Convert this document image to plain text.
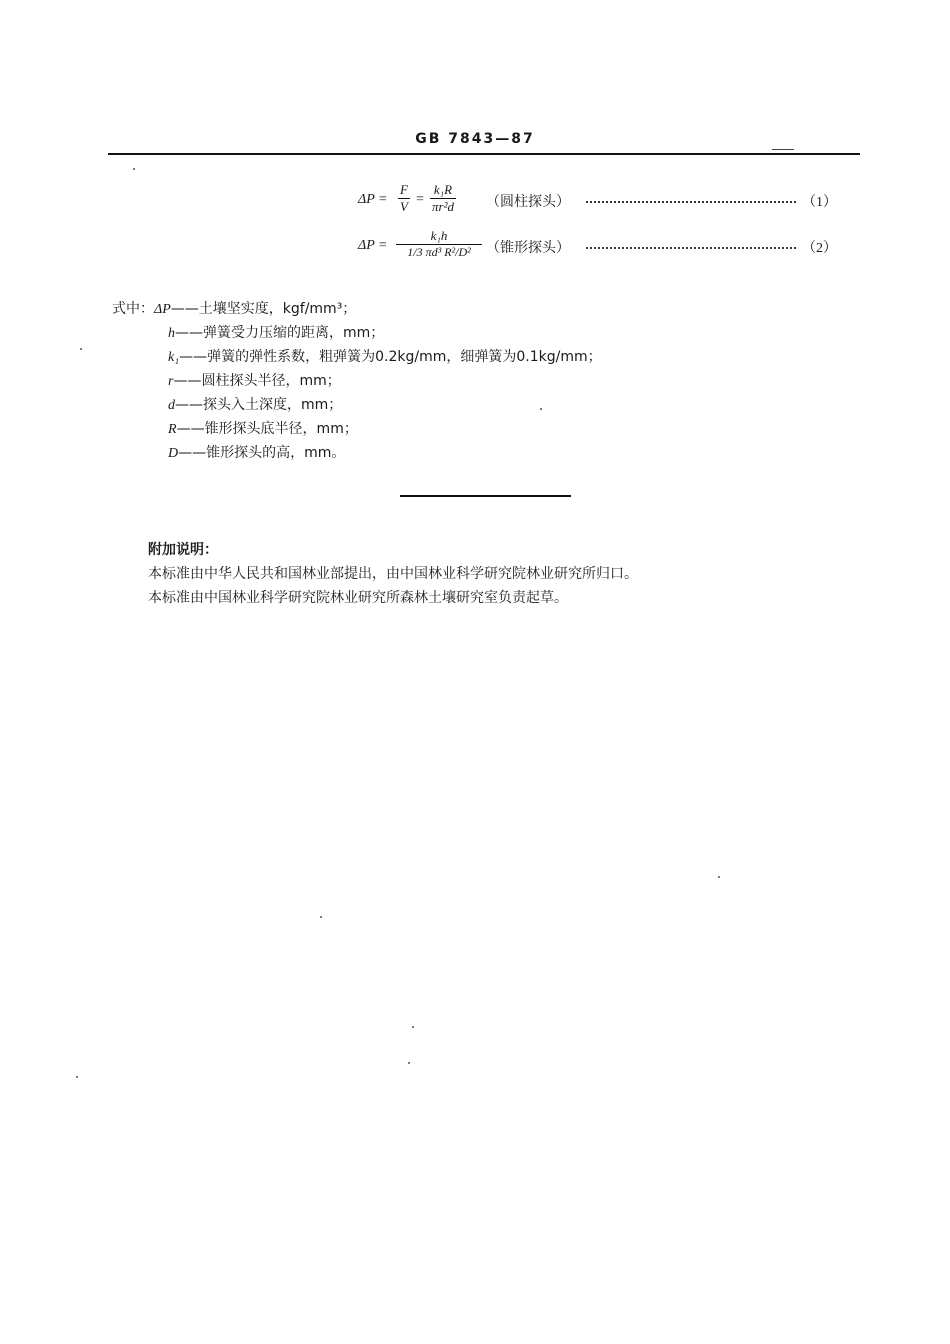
GB 7843—87
$\Delta P = \frac{F}{V} = \frac{\text{k₁R}}{\text{πr²d}}$ （圆柱探头）	（1）
$\Delta P = \frac{\text{k₁h}}{\text{1/3 πd³ R²/D²}}$ （锥形探头）	（2）
式中：ΔP——土壤坚实度，kgf/mm³；
h——弹簧受力压缩的距离，mm；
k₁——弹簧的弹性系数，粗弹簧为0.2kg/mm，细弹簧为0.1kg/mm；
r——圆柱探头半径，mm；
d——探头入土深度，mm；
R——锥形探头底半径，mm；
D——锥形探头的高，mm。
附加说明：
本标准由中华人民共和国林业部提出，由中国林业科学研究院林业研究所归口。
本标准由中国林业科学研究院林业研究所森林土壤研究室负责起草。
